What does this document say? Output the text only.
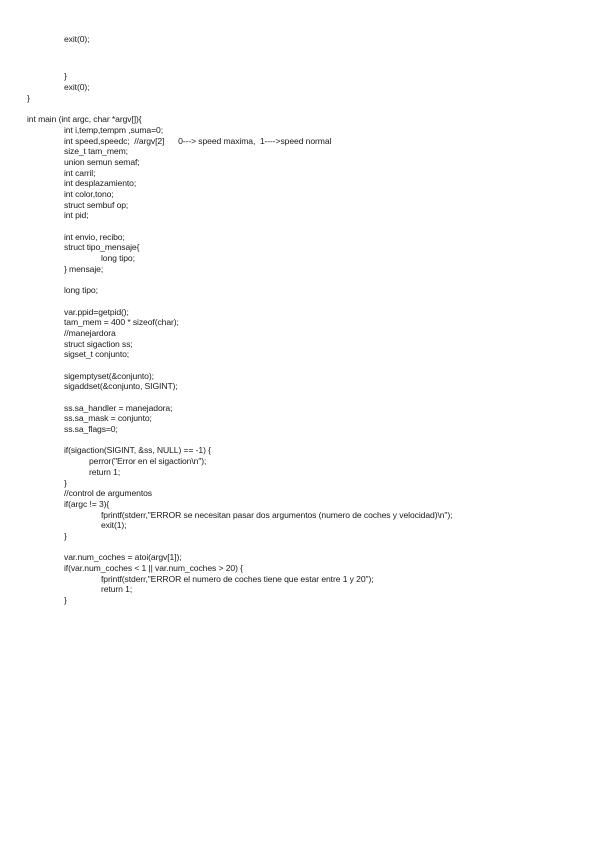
exit(0);
}
exit(0);
}
int main (int argc, char *argv[]){
int i,temp,tempm ,suma=0;
int speed,speedc;  //argv[2]      0---> speed maxima,  1---->speed normal
size_t tam_mem;
union semun semaf;
int carril;
int desplazamiento;
int color,tono;
struct sembuf op;
int pid;
int envio, recibo;
struct tipo_mensaje{
long tipo;
} mensaje;
long tipo;
var.ppid=getpid();
tam_mem = 400 * sizeof(char);
//manejardora
struct sigaction ss;
sigset_t conjunto;
sigemptyset(&conjunto);
sigaddset(&conjunto, SIGINT);
ss.sa_handler = manejadora;
ss.sa_mask = conjunto;
ss.sa_flags=0;
if(sigaction(SIGINT, &ss, NULL) == -1) {
perror("Error en el sigaction\n");
return 1;
}
//control de argumentos
if(argc != 3){
fprintf(stderr,"ERROR se necesitan pasar dos argumentos (numero de coches y velocidad)\n");
exit(1);
}
var.num_coches = atoi(argv[1]);
if(var.num_coches < 1 || var.num_coches > 20) {
fprintf(stderr,"ERROR el numero de coches tiene que estar entre 1 y 20");
return 1;
}
